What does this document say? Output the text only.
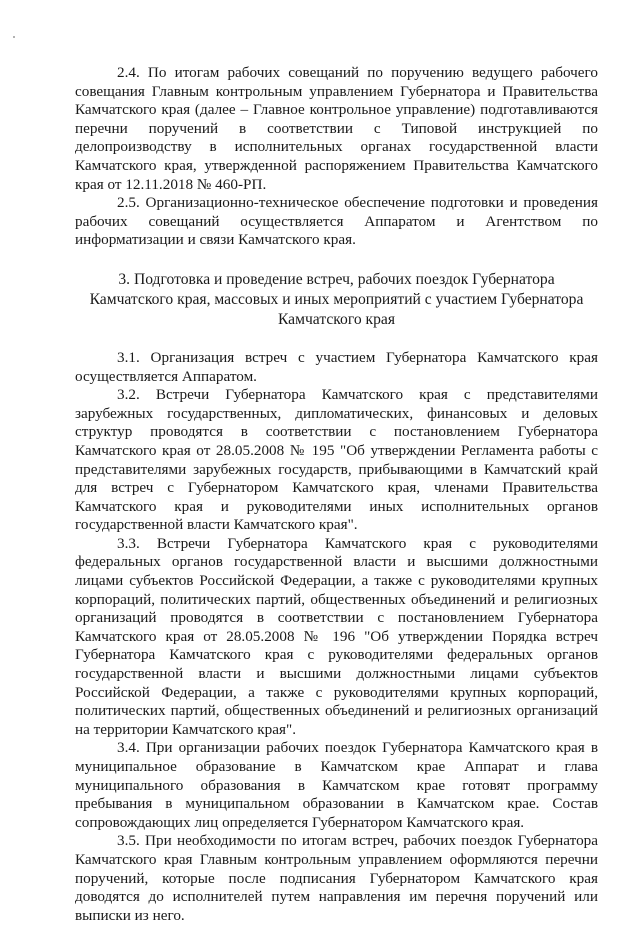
2.4. По итогам рабочих совещаний по поручению ведущего рабочего совещания Главным контрольным управлением Губернатора и Правительства Камчатского края (далее – Главное контрольное управление) подготавливаются перечни поручений в соответствии с Типовой инструкцией по делопроизводству в исполнительных органах государственной власти Камчатского края, утвержденной распоряжением Правительства Камчатского края от 12.11.2018 № 460-РП.

2.5. Организационно-техническое обеспечение подготовки и проведения рабочих совещаний осуществляется Аппаратом и Агентством по информатизации и связи Камчатского края.

3. Подготовка и проведение встреч, рабочих поездок Губернатора Камчатского края, массовых и иных мероприятий с участием Губернатора Камчатского края

3.1. Организация встреч с участием Губернатора Камчатского края осуществляется Аппаратом.

3.2. Встречи Губернатора Камчатского края с представителями зарубежных государственных, дипломатических, финансовых и деловых структур проводятся в соответствии с постановлением Губернатора Камчатского края от 28.05.2008 № 195 "Об утверждении Регламента работы с представителями зарубежных государств, прибывающими в Камчатский край для встреч с Губернатором Камчатского края, членами Правительства Камчатского края и руководителями иных исполнительных органов государственной власти Камчатского края".

3.3. Встречи Губернатора Камчатского края с руководителями федеральных органов государственной власти и высшими должностными лицами субъектов Российской Федерации, а также с руководителями крупных корпораций, политических партий, общественных объединений и религиозных организаций проводятся в соответствии с постановлением Губернатора Камчатского края от 28.05.2008 № 196 "Об утверждении Порядка встреч Губернатора Камчатского края с руководителями федеральных органов государственной власти и высшими должностными лицами субъектов Российской Федерации, а также с руководителями крупных корпораций, политических партий, общественных объединений и религиозных организаций на территории Камчатского края".

3.4. При организации рабочих поездок Губернатора Камчатского края в муниципальное образование в Камчатском крае Аппарат и глава муниципального образования в Камчатском крае готовят программу пребывания в муниципальном образовании в Камчатском крае. Состав сопровождающих лиц определяется Губернатором Камчатского края.

3.5. При необходимости по итогам встреч, рабочих поездок Губернатора Камчатского края Главным контрольным управлением оформляются перечни поручений, которые после подписания Губернатором Камчатского края доводятся до исполнителей путем направления им перечня поручений или выписки из него.
